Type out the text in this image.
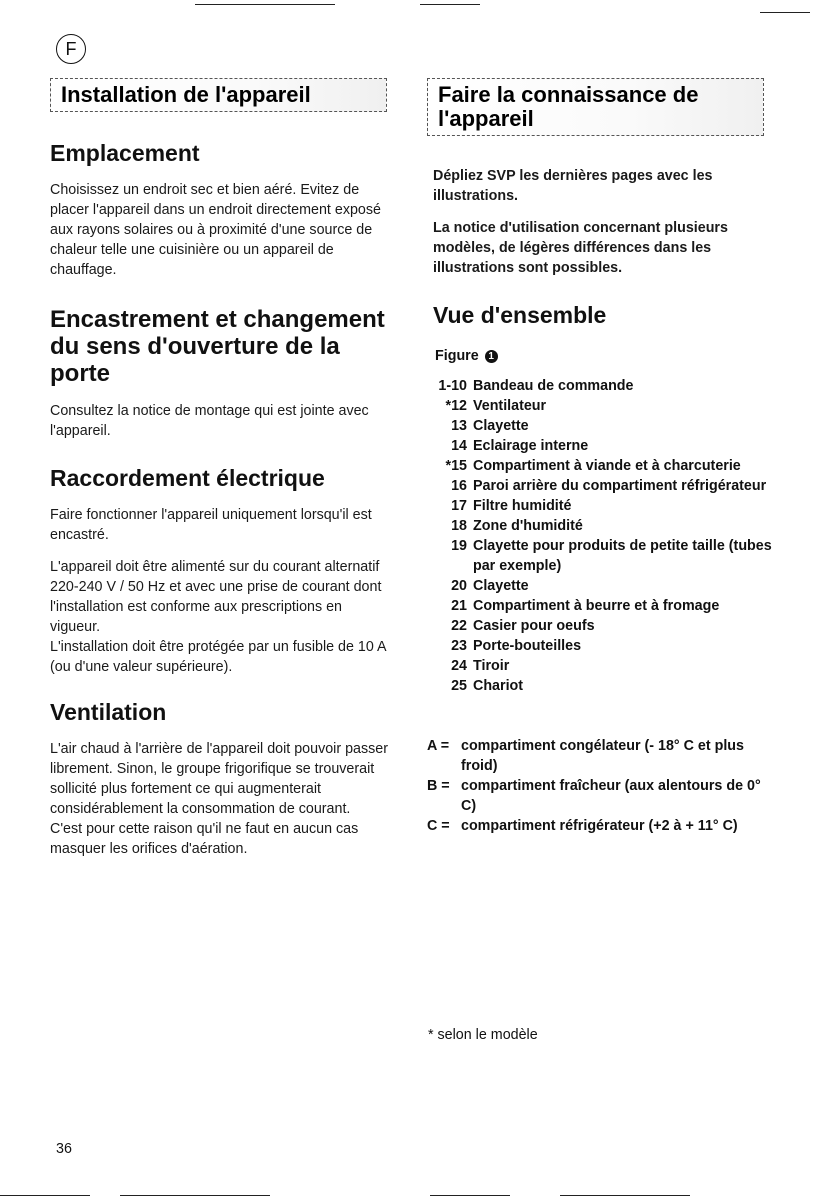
F
Installation de l'appareil
Emplacement

Choisissez un endroit sec et bien aéré. Evitez de placer l'appareil dans un endroit directement exposé aux rayons solaires ou à proximité d'une source de chaleur telle une cuisinière ou un appareil de chauffage.

Encastrement et changement du sens d'ouverture de la porte

Consultez la notice de montage qui est jointe avec l'appareil.

Raccordement électrique

Faire fonctionner l'appareil uniquement lorsqu'il est encastré.

L'appareil doit être alimenté sur du courant alternatif 220-240 V / 50 Hz et avec une prise de courant dont l'installation est conforme aux prescriptions en vigueur.

L'installation doit être protégée par un fusible de 10 A (ou d'une valeur supérieure).

Ventilation

L'air chaud à l'arrière de l'appareil doit pouvoir passer librement. Sinon, le groupe frigorifique se trouverait sollicité plus fortement ce qui augmenterait considérablement la consommation de courant.

C'est pour cette raison qu'il ne faut en aucun cas masquer les orifices d'aération.

Faire la connaissance de l'appareil

Dépliez SVP les dernières pages avec les illustrations.

La notice d'utilisation concernant plusieurs modèles, de légères différences dans les illustrations sont possibles.

Vue d'ensemble
Figure 1
1-10 Bandeau de commande
*12 Ventilateur
13 Clayette
14 Eclairage interne
*15 Compartiment à viande et à charcuterie
16 Paroi arrière du compartiment réfrigérateur
17 Filtre humidité
18 Zone d'humidité
19 Clayette pour produits de petite taille (tubes par exemple)
20 Clayette
21 Compartiment à beurre et à fromage
22 Casier pour oeufs
23 Porte-bouteilles
24 Tiroir
25 Chariot
A = compartiment congélateur (- 18° C et plus froid)
B = compartiment fraîcheur (aux alentours de 0° C)
C = compartiment réfrigérateur (+2 à + 11° C)
* selon le modèle
36
